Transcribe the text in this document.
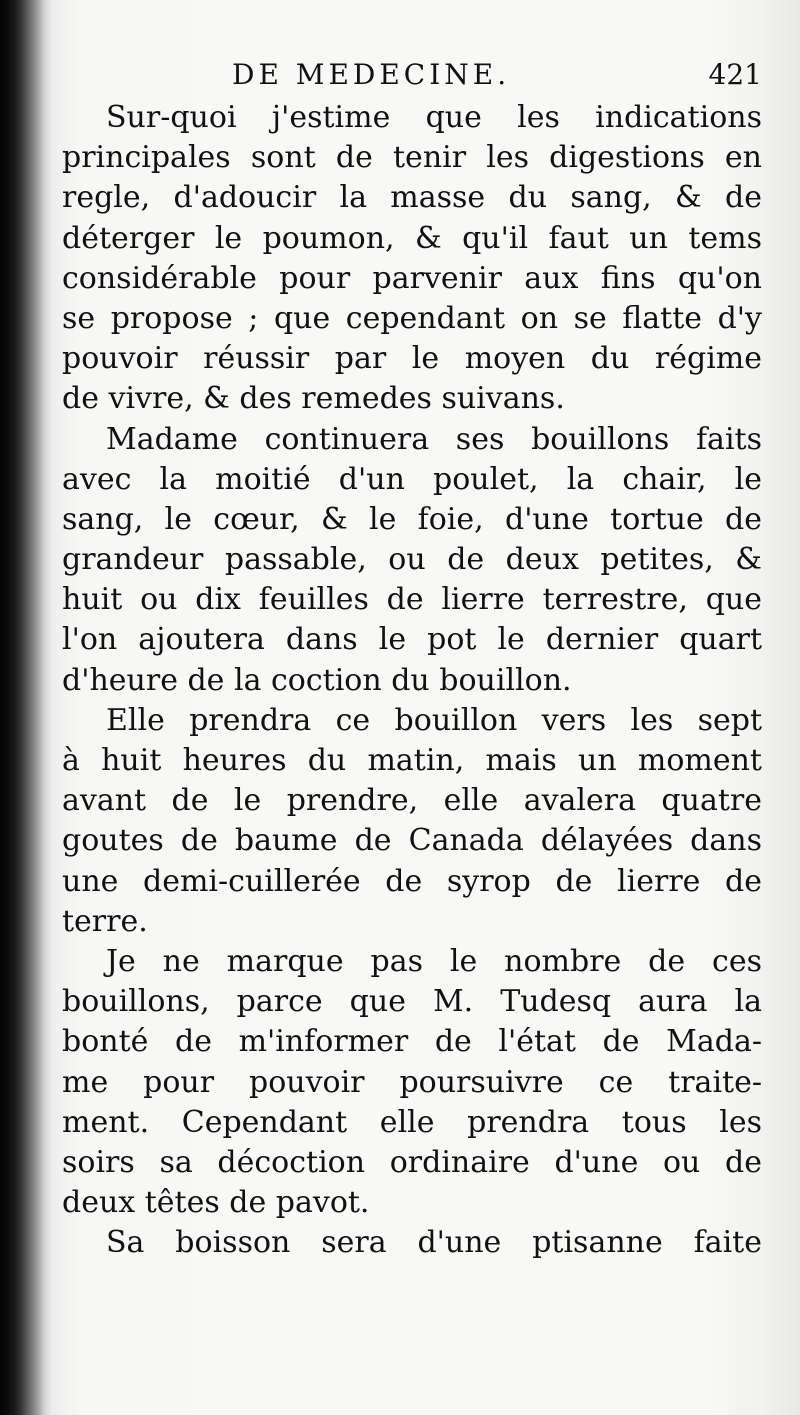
DE MEDECINE.	421
Sur-quoi j'estime que les indications
principales sont de tenir les digestions en
regle, d'adoucir la masse du sang, & de
déterger le poumon, & qu'il faut un tems
considérable pour parvenir aux fins qu'on
se propose ; que cependant on se flatte d'y
pouvoir réussir par le moyen du régime
de vivre, & des remedes suivans.
Madame continuera ses bouillons faits
avec la moitié d'un poulet, la chair, le
sang, le cœur, & le foie, d'une tortue de
grandeur passable, ou de deux petites, &
huit ou dix feuilles de lierre terrestre, que
l'on ajoutera dans le pot le dernier quart
d'heure de la coction du bouillon.
Elle prendra ce bouillon vers les sept
à huit heures du matin, mais un moment
avant de le prendre, elle avalera quatre
goutes de baume de Canada délayées dans
une demi-cuillerée de syrop de lierre de
terre.
Je ne marque pas le nombre de ces
bouillons, parce que M. Tudesq aura la
bonté de m'informer de l'état de Mada-
me pour pouvoir poursuivre ce traite-
ment. Cependant elle prendra tous les
soirs sa décoction ordinaire d'une ou de
deux têtes de pavot.
Sa boisson sera d'une ptisanne faite
